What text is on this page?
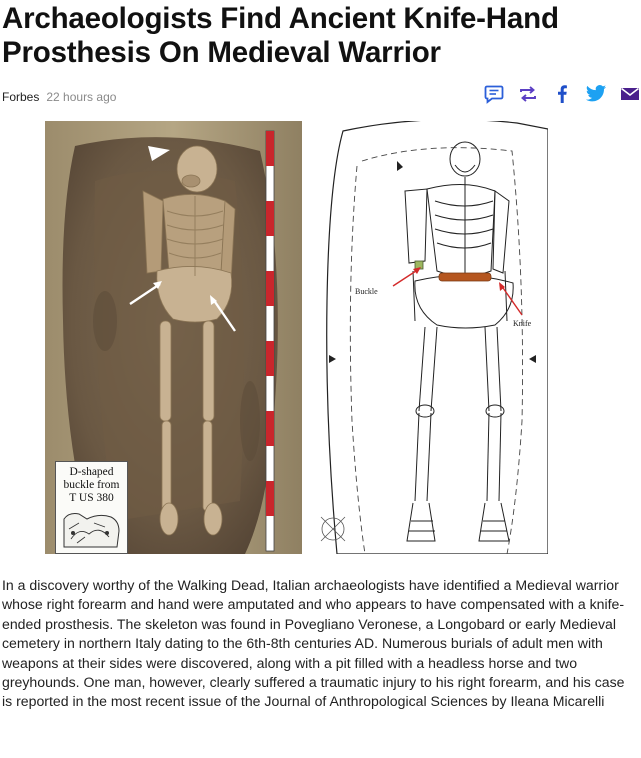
Archaeologists Find Ancient Knife-Hand Prosthesis On Medieval Warrior
Forbes 22 hours ago
D-shaped
buckle from
T US 380
Buckle
Knife

In a discovery worthy of the Walking Dead, Italian archaeologists have identified a Medieval warrior whose right forearm and hand were amputated and who appears to have compensated with a knife-ended prosthesis. The skeleton was found in Povegliano Veronese, a Longobard or early Medieval cemetery in northern Italy dating to the 6th-8th centuries AD. Numerous burials of adult men with weapons at their sides were discovered, along with a pit filled with a headless horse and two greyhounds. One man, however, clearly suffered a traumatic injury to his right forearm, and his case is reported in the most recent issue of the Journal of Anthropological Sciences by Ileana Micarelli
